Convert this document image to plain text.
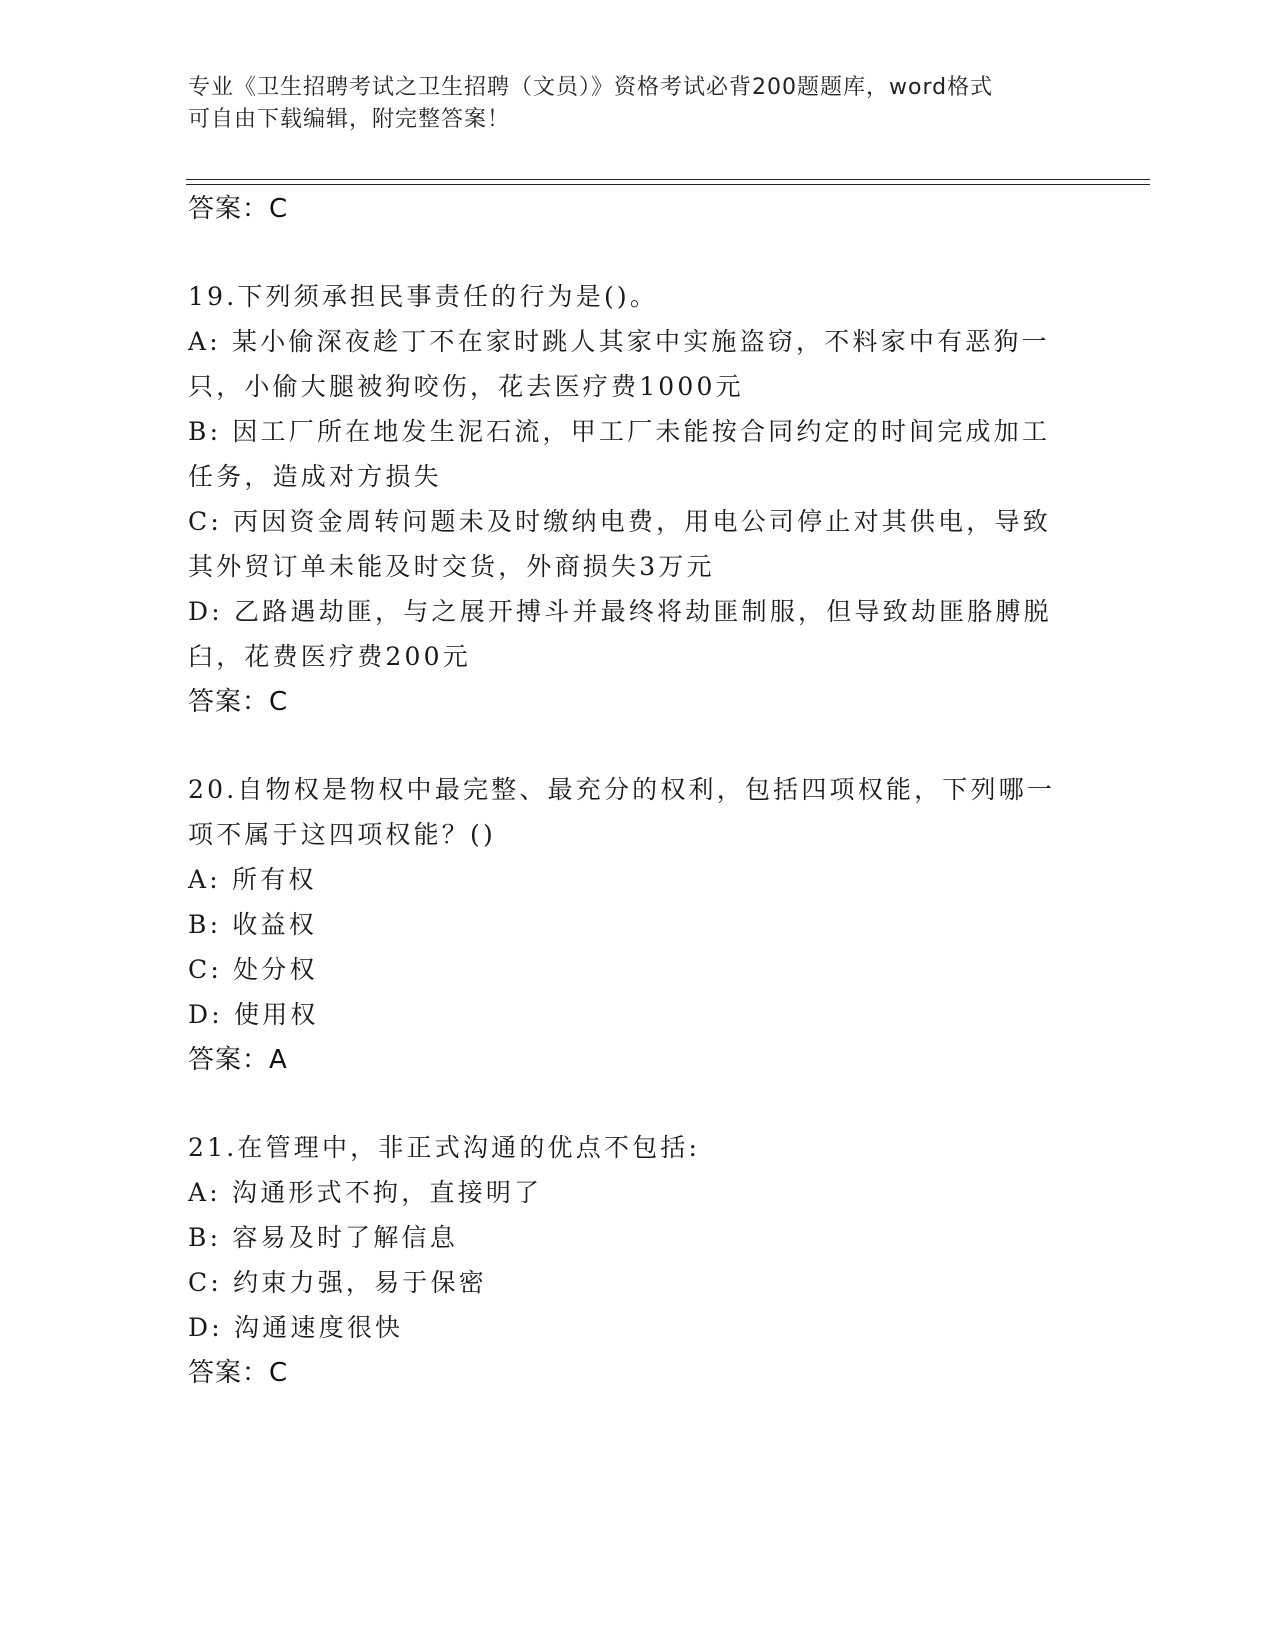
专业《卫生招聘考试之卫生招聘（文员）》资格考试必背200题题库，word格式
可自由下载编辑，附完整答案！
答案：C
19.下列须承担民事责任的行为是()。
A: 某小偷深夜趁丁不在家时跳人其家中实施盗窃，不料家中有恶狗一
只，小偷大腿被狗咬伤，花去医疗费1000元
B: 因工厂所在地发生泥石流，甲工厂未能按合同约定的时间完成加工
任务，造成对方损失
C: 丙因资金周转问题未及时缴纳电费，用电公司停止对其供电，导致
其外贸订单未能及时交货，外商损失3万元
D: 乙路遇劫匪，与之展开搏斗并最终将劫匪制服，但导致劫匪胳膊脱
臼，花费医疗费200元
答案：C
20.自物权是物权中最完整、最充分的权利，包括四项权能，下列哪一
项不属于这四项权能？()
A: 所有权
B: 收益权
C: 处分权
D: 使用权
答案：A
21.在管理中，非正式沟通的优点不包括:
A: 沟通形式不拘，直接明了
B: 容易及时了解信息
C: 约束力强，易于保密
D: 沟通速度很快
答案：C
